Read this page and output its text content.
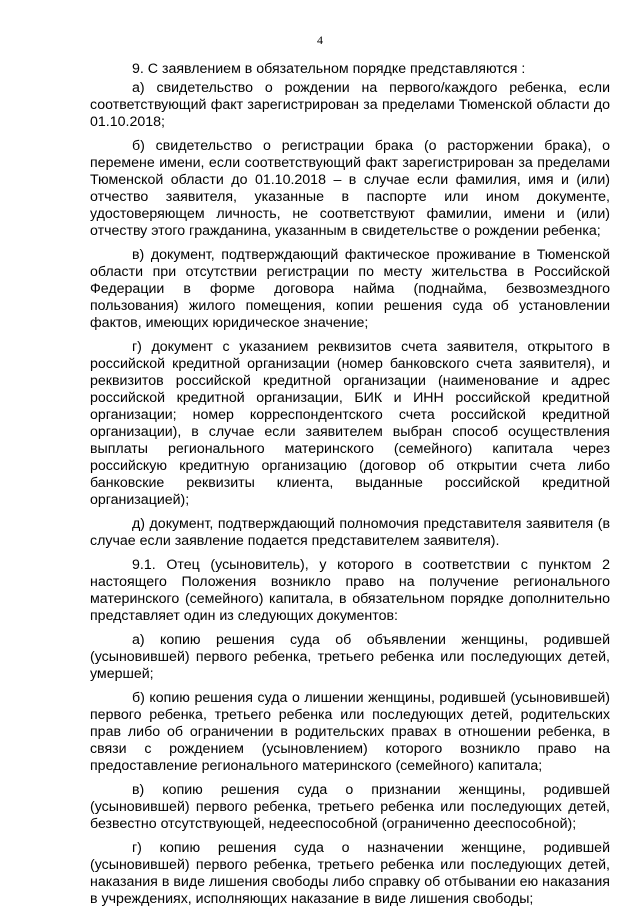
4

9. С заявлением в обязательном порядке представляются :

а) свидетельство о рождении на первого/каждого ребенка, если соответствующий факт зарегистрирован за пределами Тюменской области до 01.10.2018;

б) свидетельство о регистрации брака (о расторжении брака), о перемене имени, если соответствующий факт зарегистрирован за пределами Тюменской области до 01.10.2018 – в случае если фамилия, имя и (или) отчество заявителя, указанные в паспорте или ином документе, удостоверяющем личность, не соответствуют фамилии, имени и (или) отчеству этого гражданина, указанным в свидетельстве о рождении ребенка;

в) документ, подтверждающий фактическое проживание в Тюменской области при отсутствии регистрации по месту жительства в Российской Федерации в форме договора найма (поднайма, безвозмездного пользования) жилого помещения, копии решения суда об установлении фактов, имеющих юридическое значение;

г) документ с указанием реквизитов счета заявителя, открытого в российской кредитной организации (номер банковского счета заявителя), и реквизитов российской кредитной организации (наименование и адрес российской кредитной организации, БИК и ИНН российской кредитной организации; номер корреспондентского счета российской кредитной организации), в случае если заявителем выбран способ осуществления выплаты регионального материнского (семейного) капитала через российскую кредитную организацию (договор об открытии счета либо банковские реквизиты клиента, выданные российской кредитной организацией);

д) документ, подтверждающий полномочия представителя заявителя (в случае если заявление подается представителем заявителя).

9.1. Отец (усыновитель), у которого в соответствии с пунктом 2 настоящего Положения возникло право на получение регионального материнского (семейного) капитала, в обязательном порядке дополнительно представляет один из следующих документов:

а) копию решения суда об объявлении женщины, родившей (усыновившей) первого ребенка, третьего ребенка или последующих детей, умершей;

б) копию решения суда о лишении женщины, родившей (усыновившей) первого ребенка, третьего ребенка или последующих детей, родительских прав либо об ограничении в родительских правах в отношении ребенка, в связи с рождением (усыновлением) которого возникло право на предоставление регионального материнского (семейного) капитала;

в) копию решения суда о признании женщины, родившей (усыновившей) первого ребенка, третьего ребенка или последующих детей, безвестно отсутствующей, недееспособной (ограниченно дееспособной);

г) копию решения суда о назначении женщине, родившей (усыновившей) первого ребенка, третьего ребенка или последующих детей, наказания в виде лишения свободы либо справку об отбывании ею наказания в учреждениях, исполняющих наказание в виде лишения свободы;
